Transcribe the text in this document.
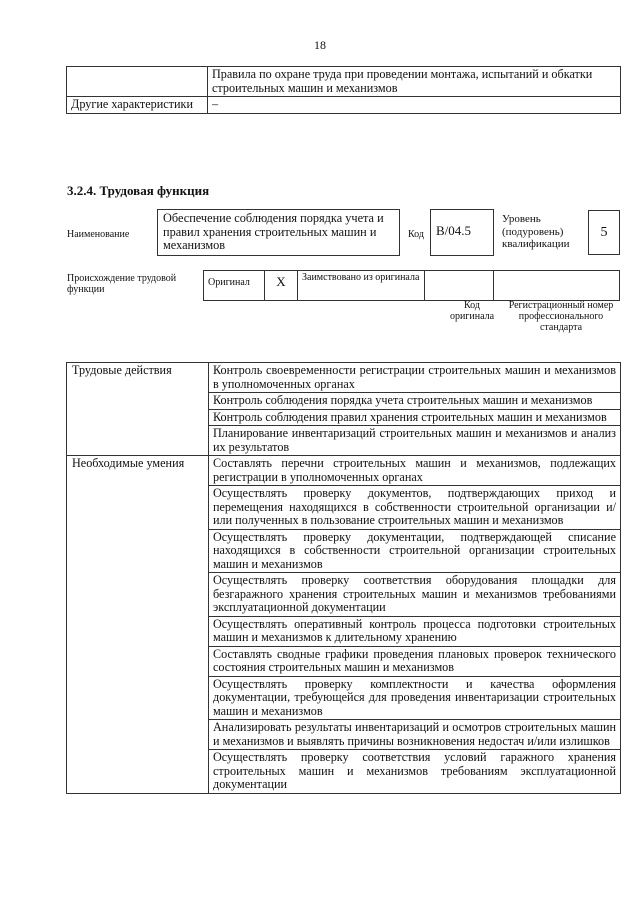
18
	Правила по охране труда при проведении монтажа, испытаний и обкатки строительных машин и механизмов
Другие характеристики	–
3.2.4. Трудовая функция
Наименование
Обеспечение соблюдения порядка учета и правил хранения строительных машин и механизмов
Код B/04.5
Уровень (подуровень) квалификации
5
Происхождение трудовой функции
Оригинал	X	Заимствовано из оригинала		
Код оригинала
Регистрационный номер профессионального стандарта
Трудовые действия	Контроль своевременности регистрации строительных машин и механизмов в уполномоченных органах
	Контроль соблюдения порядка учета строительных машин и механизмов
	Контроль соблюдения правил хранения строительных машин и механизмов
	Планирование инвентаризаций строительных машин и механизмов и анализ их результатов
Необходимые умения	Составлять перечни строительных машин и механизмов, подлежащих регистрации в уполномоченных органах
	Осуществлять проверку документов, подтверждающих приход и перемещения находящихся в собственности строительной организации и/или полученных в пользование строительных машин и механизмов
	Осуществлять проверку документации, подтверждающей списание находящихся в собственности строительной организации строительных машин и механизмов
	Осуществлять проверку соответствия оборудования площадки для безгаражного хранения строительных машин и механизмов требованиями эксплуатационной документации
	Осуществлять оперативный контроль процесса подготовки строительных машин и механизмов к длительному хранению
	Составлять сводные графики проведения плановых проверок технического состояния строительных машин и механизмов
	Осуществлять проверку комплектности и качества оформления документации, требующейся для проведения инвентаризации строительных машин и механизмов
	Анализировать результаты инвентаризаций и осмотров строительных машин и механизмов и выявлять причины возникновения недостач и/или излишков
	Осуществлять проверку соответствия условий гаражного хранения строительных машин и механизмов требованиям эксплуатационной документации
